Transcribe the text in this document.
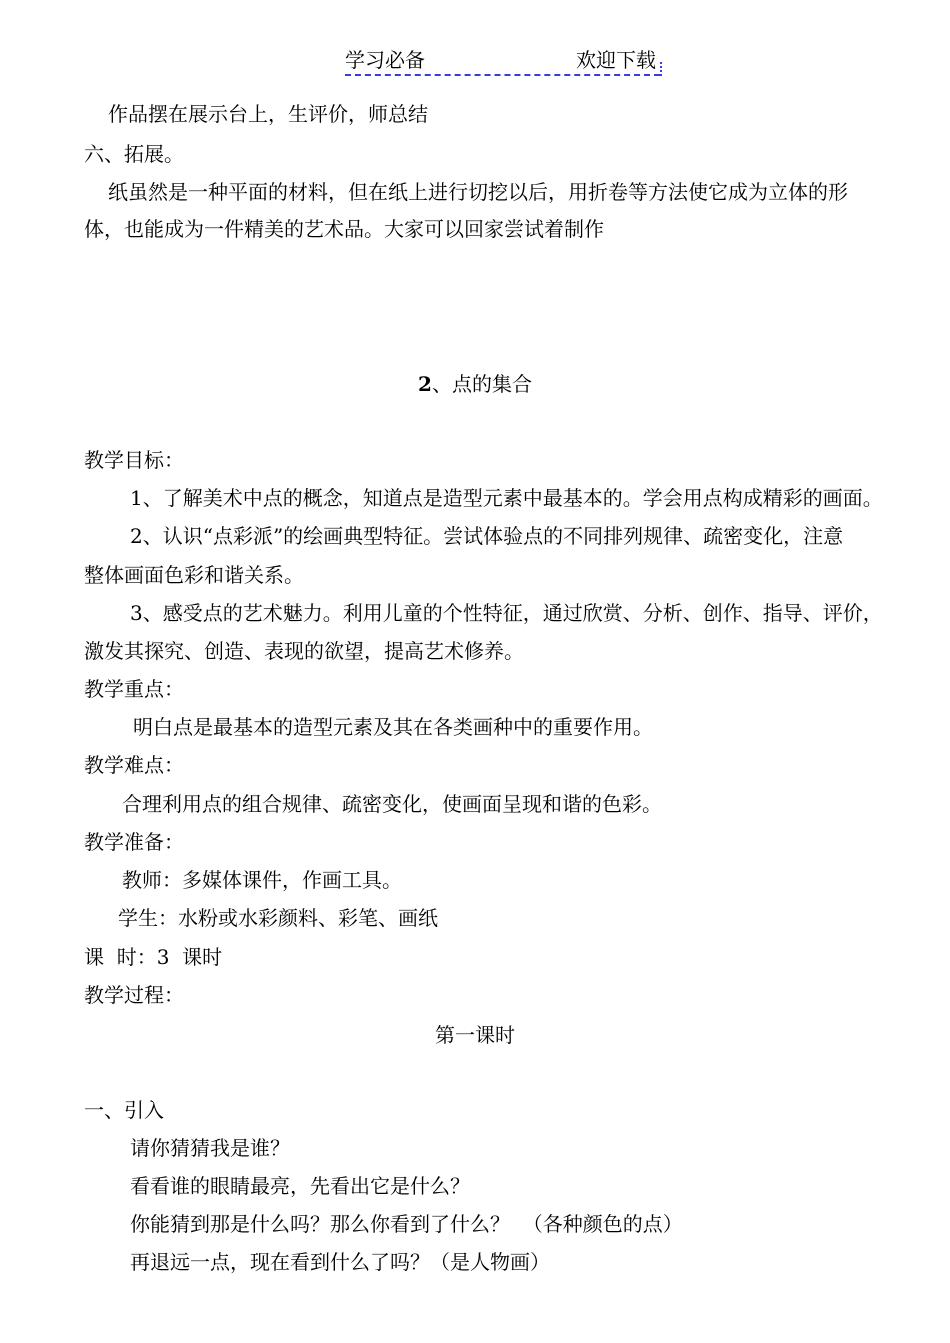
学习必备	欢迎下载
作品摆在展示台上，生评价，师总结
六、拓展。
纸虽然是一种平面的材料，但在纸上进行切挖以后，用折卷等方法使它成为立体的形
体，也能成为一件精美的艺术品。大家可以回家尝试着制作
2、点的集合
教学目标：
1、了解美术中点的概念，知道点是造型元素中最基本的。学会用点构成精彩的画面。
2、认识“点彩派”的绘画典型特征。尝试体验点的不同排列规律、疏密变化，注意
整体画面色彩和谐关系。
3、感受点的艺术魅力。利用儿童的个性特征，通过欣赏、分析、创作、指导、评价，
激发其探究、创造、表现的欲望，提高艺术修养。
教学重点：
明白点是最基本的造型元素及其在各类画种中的重要作用。
教学难点：
合理利用点的组合规律、疏密变化，使画面呈现和谐的色彩。
教学准备：
教师：多媒体课件，作画工具。
学生：水粉或水彩颜料、彩笔、画纸
课  时：3  课时
教学过程：
第一课时
一、引入
请你猜猜我是谁？
看看谁的眼睛最亮，先看出它是什么？
你能猜到那是什么吗？那么你看到了什么？  （各种颜色的点）
再退远一点，现在看到什么了吗？（是人物画）
